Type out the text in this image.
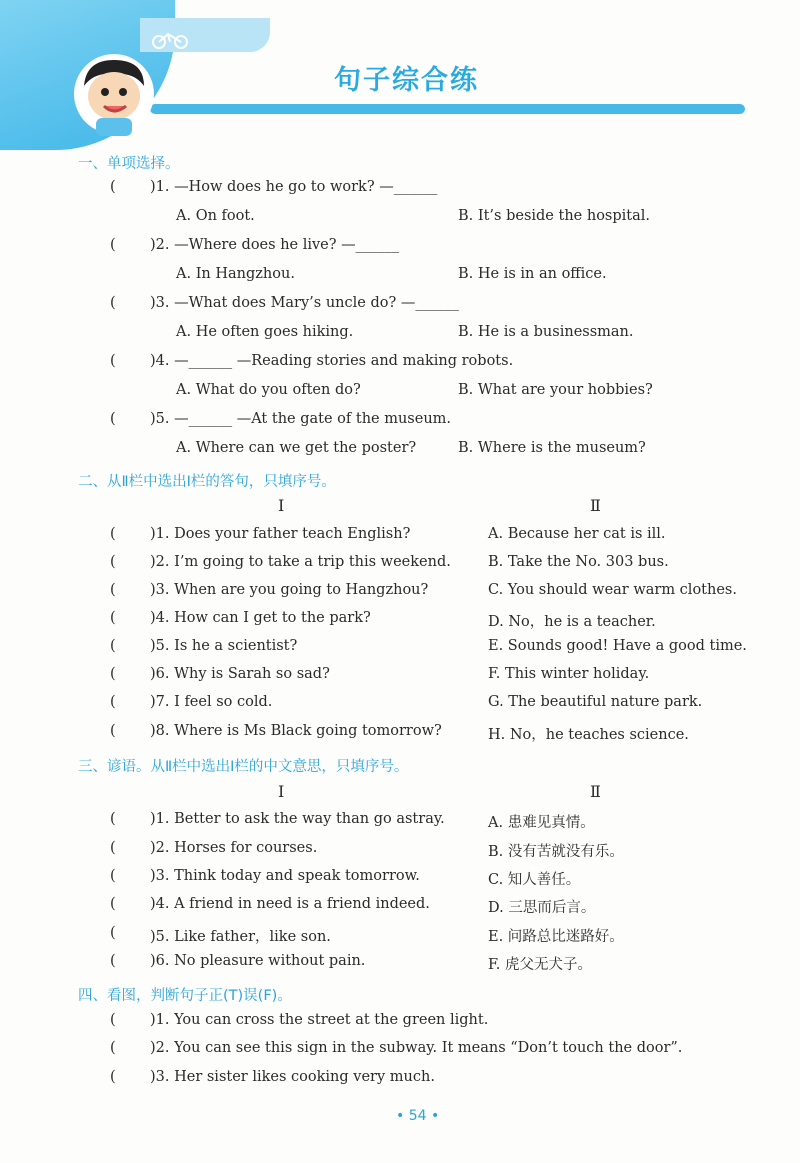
句子综合练
一、单项选择。
( )1. —How does he go to work? —______
A. On foot.	B. It’s beside the hospital.
( )2. —Where does he live? —______
A. In Hangzhou.	B. He is in an office.
( )3. —What does Mary’s uncle do? —______
A. He often goes hiking.	B. He is a businessman.
( )4. —______ —Reading stories and making robots.
A. What do you often do?	B. What are your hobbies?
( )5. —______ —At the gate of the museum.
A. Where can we get the poster?	B. Where is the museum?
二、从Ⅱ栏中选出Ⅰ栏的答句，只填序号。
Ⅰ	Ⅱ
( )1. Does your father teach English?	A. Because her cat is ill.
( )2. I’m going to take a trip this weekend.	B. Take the No. 303 bus.
( )3. When are you going to Hangzhou?	C. You should wear warm clothes.
( )4. How can I get to the park?	D. No，he is a teacher.
( )5. Is he a scientist?	E. Sounds good! Have a good time.
( )6. Why is Sarah so sad?	F. This winter holiday.
( )7. I feel so cold.	G. The beautiful nature park.
( )8. Where is Ms Black going tomorrow?	H. No，he teaches science.
三、谚语。从Ⅱ栏中选出Ⅰ栏的中文意思，只填序号。
Ⅰ	Ⅱ
( )1. Better to ask the way than go astray.	A. 患难见真情。
( )2. Horses for courses.	B. 没有苦就没有乐。
( )3. Think today and speak tomorrow.	C. 知人善任。
( )4. A friend in need is a friend indeed.	D. 三思而后言。
( )5. Like father，like son.	E. 问路总比迷路好。
( )6. No pleasure without pain.	F. 虎父无犬子。
四、看图，判断句子正(T)误(F)。
( )1. You can cross the street at the green light.
( )2. You can see this sign in the subway. It means “Don’t touch the door”.
( )3. Her sister likes cooking very much.
• 54 •
